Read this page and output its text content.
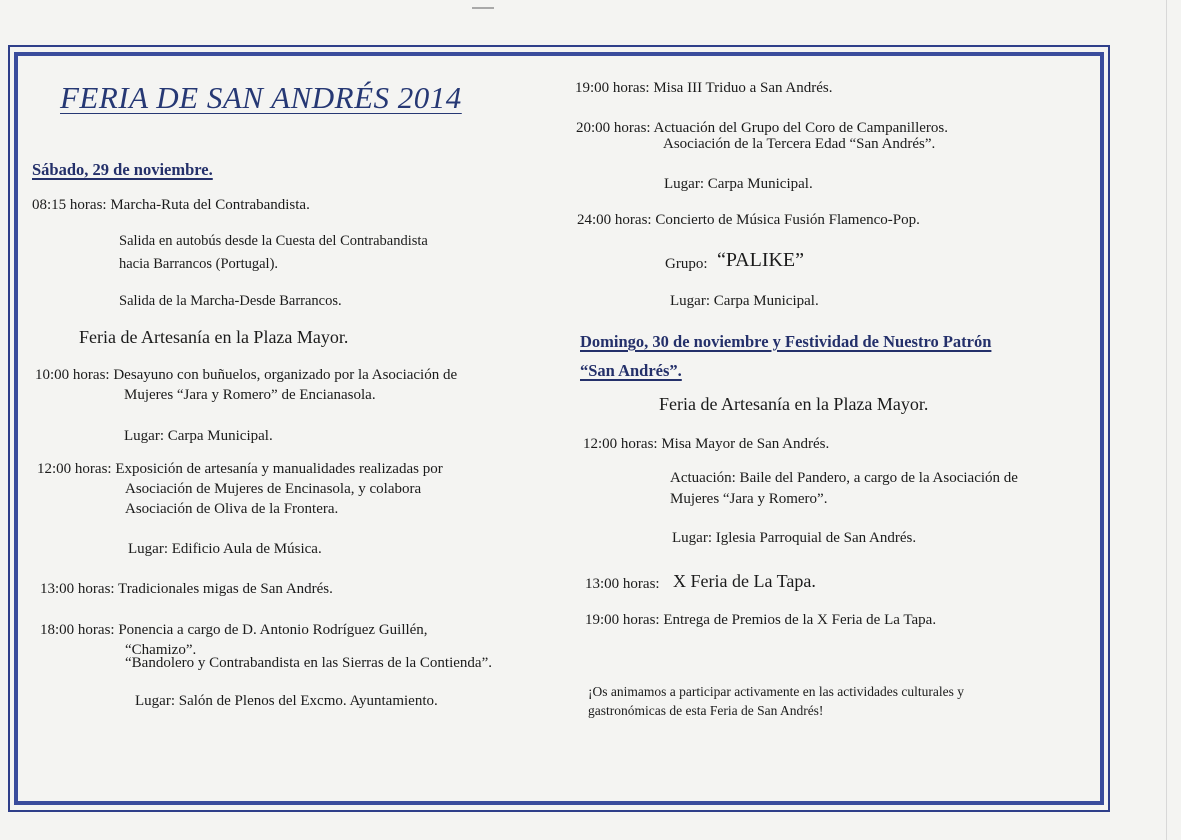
FERIA DE SAN ANDRÉS 2014
Sábado, 29 de noviembre.
08:15 horas: Marcha-Ruta del Contrabandista.
Salida en autobús desde la Cuesta del Contrabandista
hacia Barrancos (Portugal).
Salida de la Marcha-Desde Barrancos.
Feria de Artesanía en la Plaza Mayor.
10:00 horas: Desayuno con buñuelos, organizado por la Asociación de
Mujeres “Jara y Romero” de Encianasola.
Lugar: Carpa Municipal.
12:00 horas: Exposición de artesanía y manualidades realizadas por
Asociación de Mujeres de Encinasola, y colabora
Asociación de Oliva de la Frontera.
Lugar: Edificio Aula de Música.
13:00 horas: Tradicionales migas de San Andrés.
18:00 horas: Ponencia a cargo de D. Antonio Rodríguez Guillén,
“Chamizo”.
“Bandolero y Contrabandista en las Sierras de la Contienda”.
Lugar: Salón de Plenos del Excmo. Ayuntamiento.
19:00 horas: Misa III Triduo a San Andrés.
20:00 horas: Actuación del Grupo del Coro de Campanilleros.
Asociación de la Tercera Edad “San Andrés”.
Lugar: Carpa Municipal.
24:00 horas: Concierto de Música Fusión Flamenco-Pop.
Grupo: “PALIKE”
Lugar: Carpa Municipal.
Domingo, 30 de noviembre y Festividad de Nuestro Patrón
“San Andrés”.
Feria de Artesanía en la Plaza Mayor.
12:00 horas: Misa Mayor de San Andrés.
Actuación: Baile del Pandero, a cargo de la Asociación de
Mujeres “Jara y Romero”.
Lugar: Iglesia Parroquial de San Andrés.
13:00 horas: X Feria de La Tapa.
19:00 horas: Entrega de Premios de la X Feria de La Tapa.
¡Os animamos a participar activamente en las actividades culturales y
gastronómicas de esta Feria de San Andrés!
